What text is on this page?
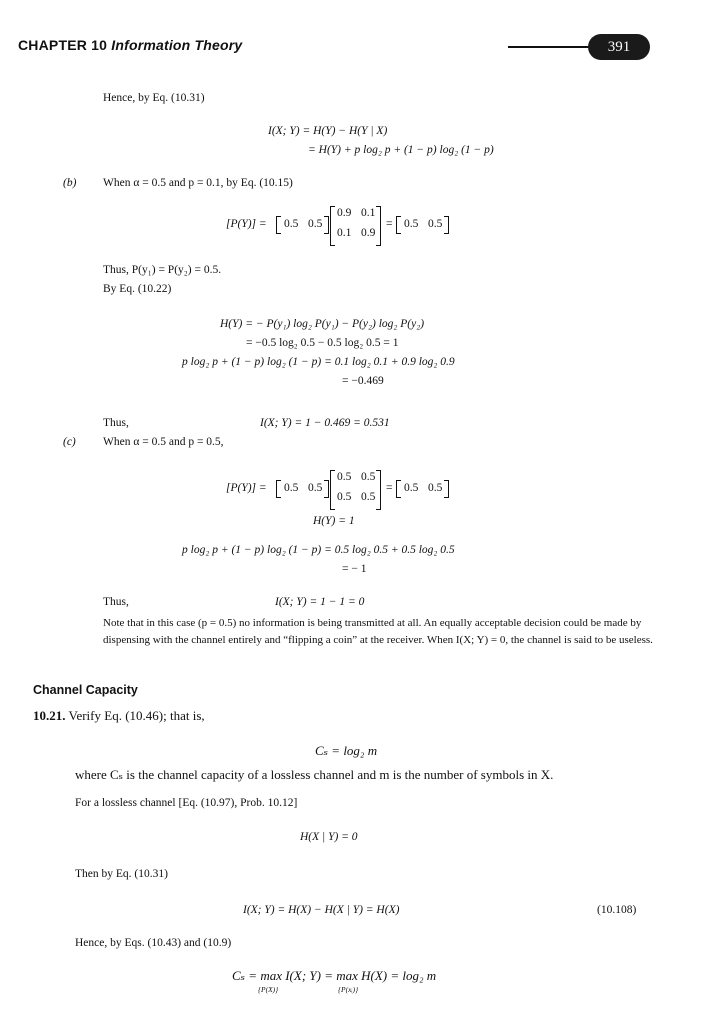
CHAPTER 10 Information Theory	391
Hence, by Eq. (10.31)
I(X; Y) = H(Y) − H(Y | X)
= H(Y) + p log₂ p + (1 − p) log₂ (1 − p)
(b) When α = 0.5 and p = 0.1, by Eq. (10.15)
[P(Y)] = 0.5 0.5
0.9 0.1
0.1 0.9
= 0.5 0.5
Thus, P(y₁) = P(y₂) = 0.5.
By Eq. (10.22)
H(Y) = − P(y₁) log₂ P(y₁) − P(y₂) log₂ P(y₂)
= −0.5 log₂ 0.5 − 0.5 log₂ 0.5 = 1
p log₂ p + (1 − p) log₂ (1 − p) = 0.1 log₂ 0.1 + 0.9 log₂ 0.9
= −0.469
Thus,	I(X; Y) = 1 − 0.469 = 0.531
(c) When α = 0.5 and p = 0.5,
[P(Y)] = 0.5 0.5
0.5 0.5
0.5 0.5
= 0.5 0.5
H(Y) = 1
p log₂ p + (1 − p) log₂ (1 − p) = 0.5 log₂ 0.5 + 0.5 log₂ 0.5
= − 1
Thus,	I(X; Y) = 1 − 1 = 0
Note that in this case (p = 0.5) no information is being transmitted at all. An equally acceptable decision could be made by dispensing with the channel entirely and “flipping a coin” at the receiver. When I(X; Y) = 0, the channel is said to be useless.
Channel Capacity
10.21. Verify Eq. (10.46); that is,
Cₛ = log₂ m
where Cₛ is the channel capacity of a lossless channel and m is the number of symbols in X.
For a lossless channel [Eq. (10.97), Prob. 10.12]
H(X | Y) = 0
Then by Eq. (10.31)
I(X; Y) = H(X) − H(X | Y) = H(X)	(10.108)
Hence, by Eqs. (10.43) and (10.9)
Cₛ = max I(X; Y) = max H(X) = log₂ m
{P(X)}	{P(xᵢ)}
